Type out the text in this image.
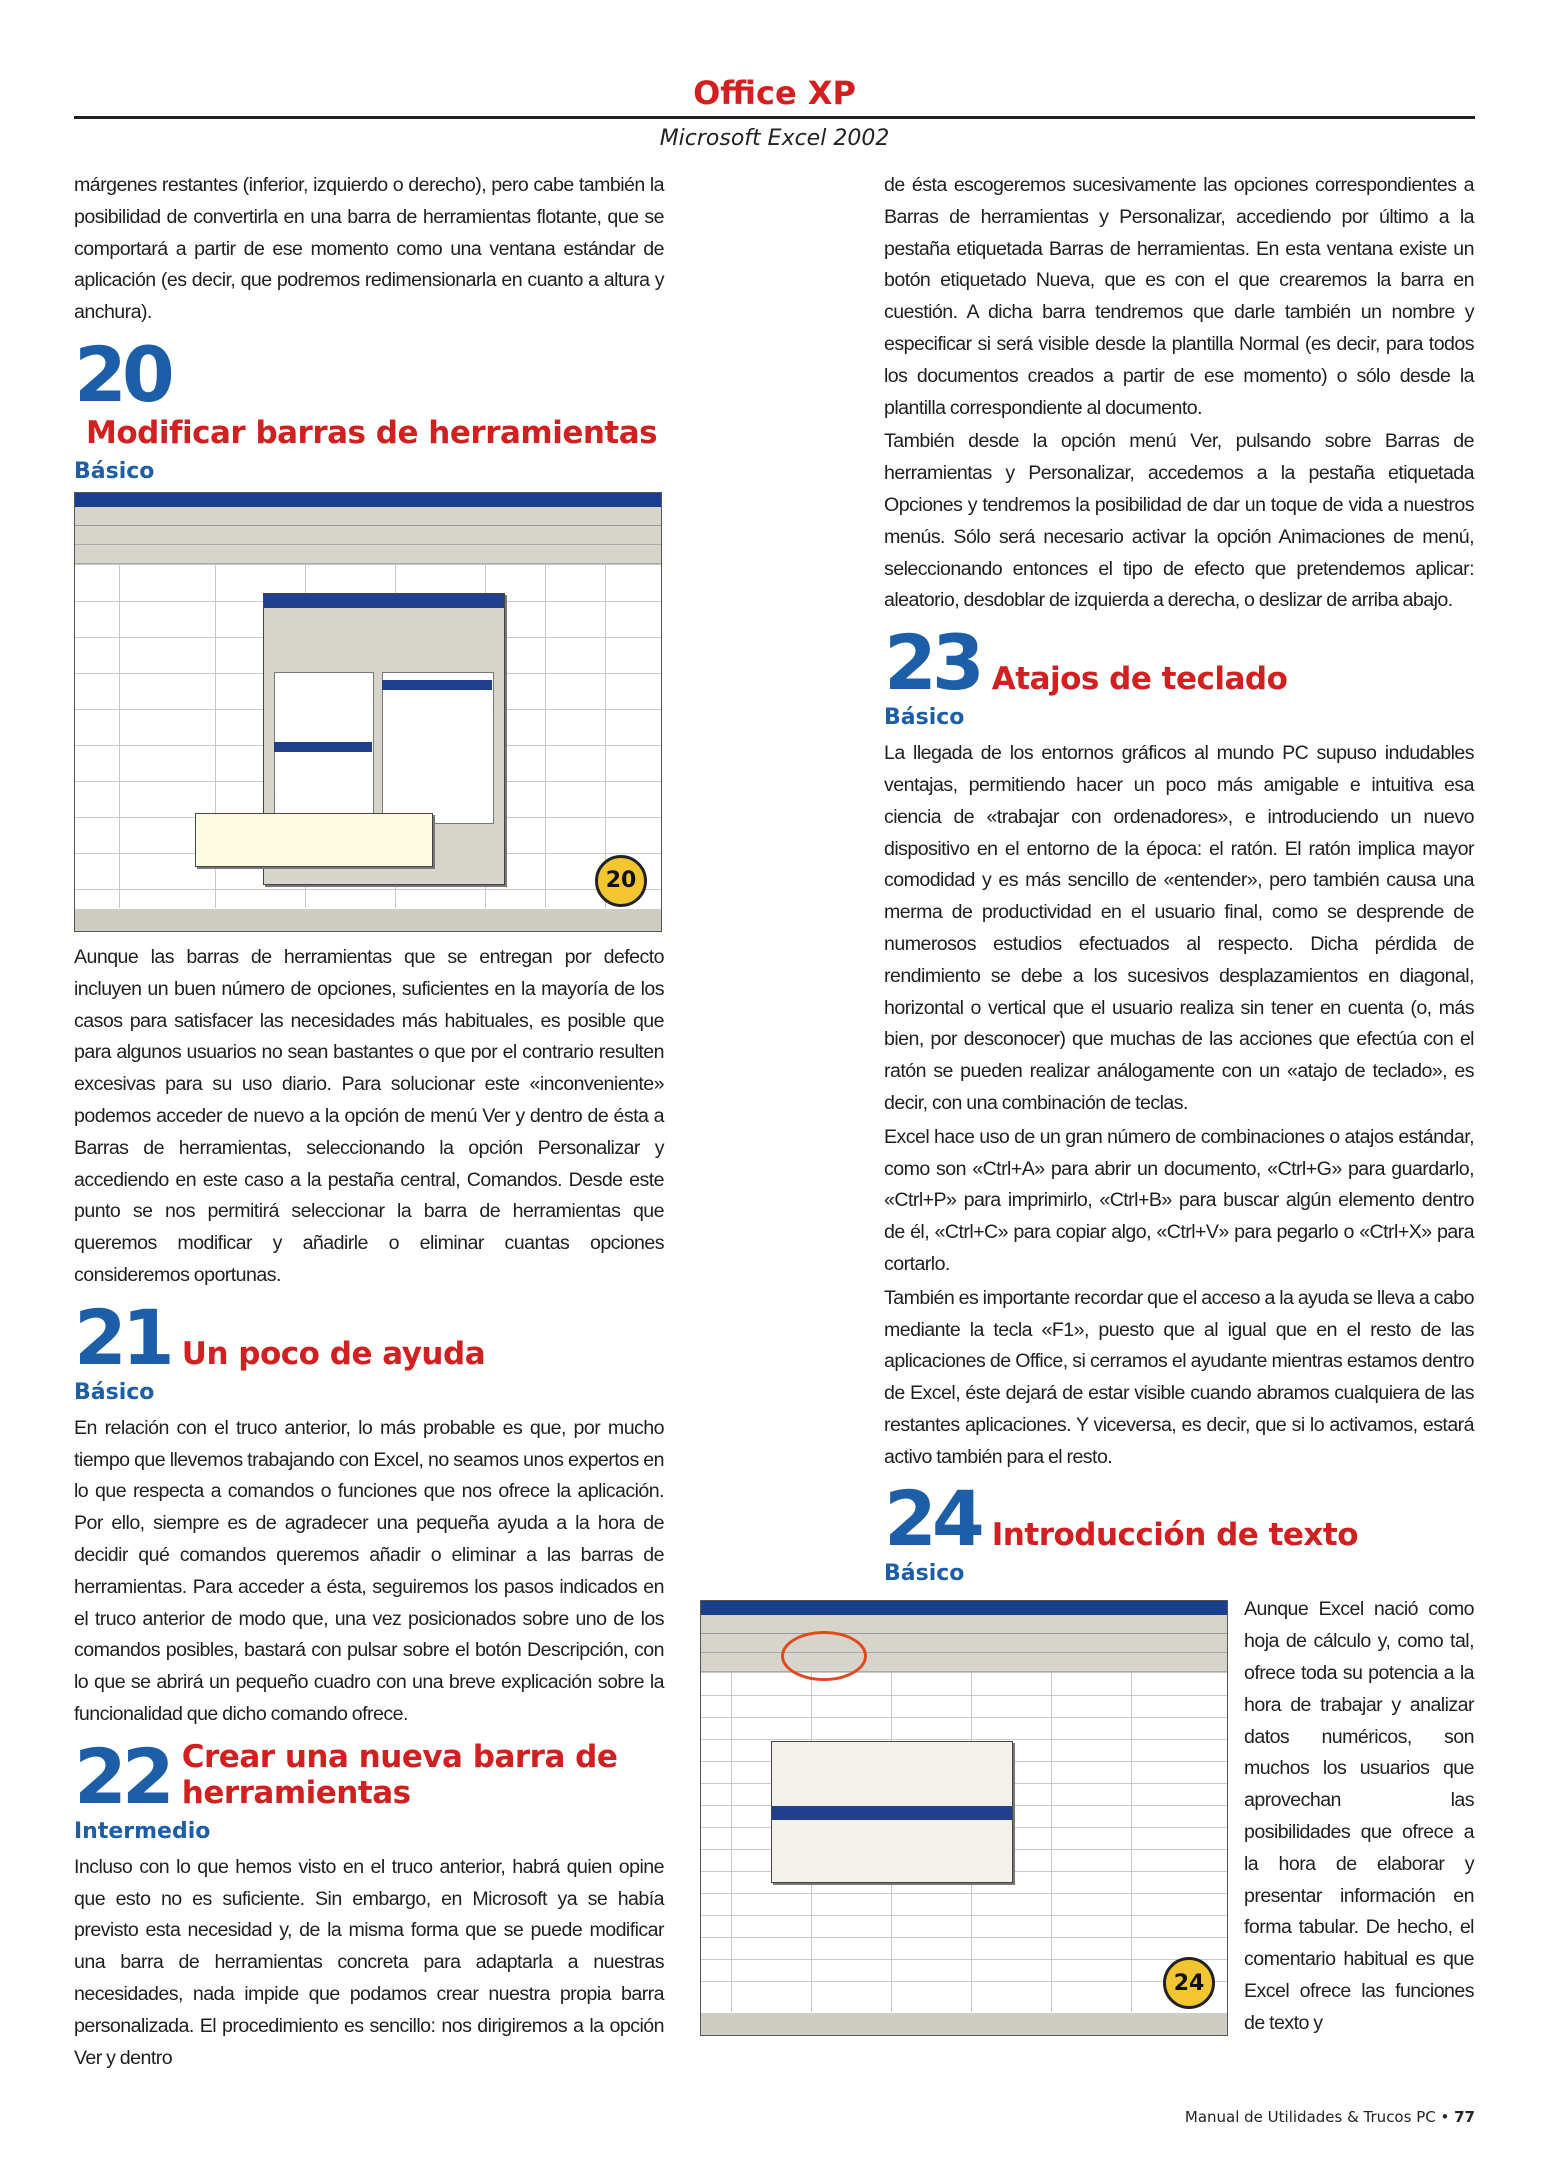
Office XP
Microsoft Excel 2002

márgenes restantes (inferior, izquierdo o derecho), pero cabe también la posibilidad de convertirla en una barra de herramientas flotante, que se comportará a partir de ese momento como una ventana estándar de aplicación (es decir, que podremos redimensionarla en cuanto a altura y anchura).

20Modificar barras de herramientas
Básico
20

Aunque las barras de herramientas que se entregan por defecto incluyen un buen número de opciones, suficientes en la mayoría de los casos para satisfacer las necesidades más habituales, es posible que para algunos usuarios no sean bastantes o que por el contrario resulten excesivas para su uso diario. Para solucionar este «inconveniente» podemos acceder de nuevo a la opción de menú Ver y dentro de ésta a Barras de herramientas, seleccionando la opción Personalizar y accediendo en este caso a la pestaña central, Comandos. Desde este punto se nos permitirá seleccionar la barra de herramientas que queremos modificar y añadirle o eliminar cuantas opciones consideremos oportunas.

21 Un poco de ayuda
Básico

En relación con el truco anterior, lo más probable es que, por mucho tiempo que llevemos trabajando con Excel, no seamos unos expertos en lo que respecta a comandos o funciones que nos ofrece la aplicación. Por ello, siempre es de agradecer una pequeña ayuda a la hora de decidir qué comandos queremos añadir o eliminar a las barras de herramientas. Para acceder a ésta, seguiremos los pasos indicados en el truco anterior de modo que, una vez posicionados sobre uno de los comandos posibles, bastará con pulsar sobre el botón Descripción, con lo que se abrirá un pequeño cuadro con una breve explicación sobre la funcionalidad que dicho comando ofrece.

22 Crear una nueva barra de herramientas
Intermedio

Incluso con lo que hemos visto en el truco anterior, habrá quien opine que esto no es suficiente. Sin embargo, en Microsoft ya se había previsto esta necesidad y, de la misma forma que se puede modificar una barra de herramientas concreta para adaptarla a nuestras necesidades, nada impide que podamos crear nuestra propia barra personalizada. El procedimiento es sencillo: nos dirigiremos a la opción Ver y dentro

de ésta escogeremos sucesivamente las opciones correspondientes a Barras de herramientas y Personalizar, accediendo por último a la pestaña etiquetada Barras de herramientas. En esta ventana existe un botón etiquetado Nueva, que es con el que crearemos la barra en cuestión. A dicha barra tendremos que darle también un nombre y especificar si será visible desde la plantilla Normal (es decir, para todos los documentos creados a partir de ese momento) o sólo desde la plantilla correspondiente al documento.

También desde la opción menú Ver, pulsando sobre Barras de herramientas y Personalizar, accedemos a la pestaña etiquetada Opciones y tendremos la posibilidad de dar un toque de vida a nuestros menús. Sólo será necesario activar la opción Animaciones de menú, seleccionando entonces el tipo de efecto que pretendemos aplicar: aleatorio, desdoblar de izquierda a derecha, o deslizar de arriba abajo.

23 Atajos de teclado
Básico

La llegada de los entornos gráficos al mundo PC supuso indudables ventajas, permitiendo hacer un poco más amigable e intuitiva esa ciencia de «trabajar con ordenadores», e introduciendo un nuevo dispositivo en el entorno de la época: el ratón. El ratón implica mayor comodidad y es más sencillo de «entender», pero también causa una merma de productividad en el usuario final, como se desprende de numerosos estudios efectuados al respecto. Dicha pérdida de rendimiento se debe a los sucesivos desplazamientos en diagonal, horizontal o vertical que el usuario realiza sin tener en cuenta (o, más bien, por desconocer) que muchas de las acciones que efectúa con el ratón se pueden realizar análogamente con un «atajo de teclado», es decir, con una combinación de teclas.

Excel hace uso de un gran número de combinaciones o atajos estándar, como son «Ctrl+A» para abrir un documento, «Ctrl+G» para guardarlo, «Ctrl+P» para imprimirlo, «Ctrl+B» para buscar algún elemento dentro de él, «Ctrl+C» para copiar algo, «Ctrl+V» para pegarlo o «Ctrl+X» para cortarlo.

También es importante recordar que el acceso a la ayuda se lleva a cabo mediante la tecla «F1», puesto que al igual que en el resto de las aplicaciones de Office, si cerramos el ayudante mientras estamos dentro de Excel, éste dejará de estar visible cuando abramos cualquiera de las restantes aplicaciones. Y viceversa, es decir, que si lo activamos, estará activo también para el resto.

24 Introducción de texto
Básico
24

Aunque Excel nació como hoja de cálculo y, como tal, ofrece toda su potencia a la hora de trabajar y analizar datos numéricos, son muchos los usuarios que aprovechan las posibilidades que ofrece a la hora de elaborar y presentar información en forma tabular. De hecho, el comentario habitual es que Excel ofrece las funciones de texto y

Manual de Utilidades & Trucos PC • 77
